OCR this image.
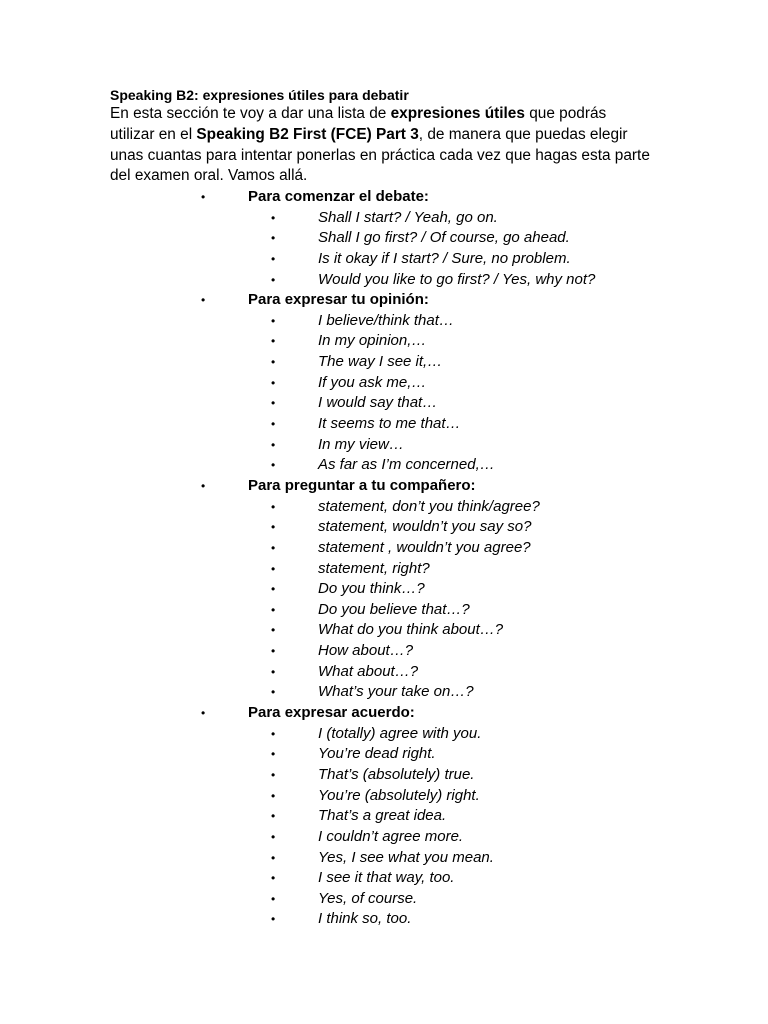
Speaking B2: expresiones útiles para debatir
En esta sección te voy a dar una lista de expresiones útiles que podrás utilizar en el Speaking B2 First (FCE) Part 3, de manera que puedas elegir unas cuantas para intentar ponerlas en práctica cada vez que hagas esta parte del examen oral. Vamos allá.
•	Para comenzar el debate:
•	Shall I start? / Yeah, go on.
•	Shall I go first? / Of course, go ahead.
•	Is it okay if I start? / Sure, no problem.
•	Would you like to go first? / Yes, why not?
•	Para expresar tu opinión:
•	I believe/think that…
•	In my opinion,…
•	The way I see it,…
•	If you ask me,…
•	I would say that…
•	It seems to me that…
•	In my view…
•	As far as I’m concerned,…
•	Para preguntar a tu compañero:
•	statement, don’t you think/agree?
•	statement, wouldn’t you say so?
•	statement , wouldn’t you agree?
•	statement, right?
•	Do you think…?
•	Do you believe that…?
•	What do you think about…?
•	How about…?
•	What about…?
•	What’s your take on…?
•	Para expresar acuerdo:
•	I (totally) agree with you.
•	You’re dead right.
•	That’s (absolutely) true.
•	You’re (absolutely) right.
•	That’s a great idea.
•	I couldn’t agree more.
•	Yes, I see what you mean.
•	I see it that way, too.
•	Yes, of course.
•	I think so, too.
